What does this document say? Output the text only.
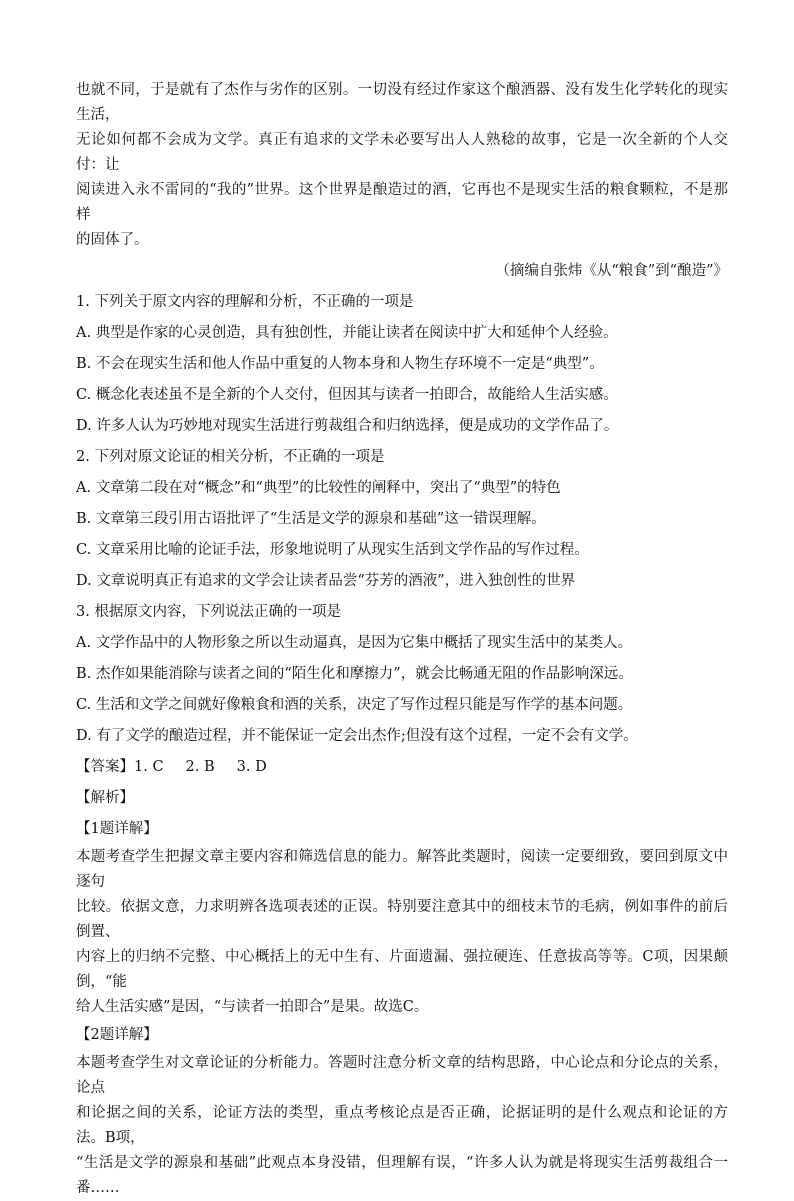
也就不同，于是就有了杰作与劣作的区别。一切没有经过作家这个酿酒器、没有发生化学转化的现实生活，

无论如何都不会成为文学。真正有追求的文学未必要写出人人熟稔的故事，它是一次全新的个人交付：让

阅读进入永不雷同的“我的”世界。这个世界是酿造过的酒，它再也不是现实生活的粮食颗粒，不是那样

的固体了。

（摘编自张炜《从“粮食”到“酿造”》

1. 下列关于原文内容的理解和分析，不正确的一项是

A. 典型是作家的心灵创造，具有独创性，并能让读者在阅读中扩大和延伸个人经验。

B. 不会在现实生活和他人作品中重复的人物本身和人物生存环境不一定是“典型”。

C. 概念化表述虽不是全新的个人交付，但因其与读者一拍即合，故能给人生活实感。

D. 许多人认为巧妙地对现实生活进行剪裁组合和归纳选择，便是成功的文学作品了。

2. 下列对原文论证的相关分析，不正确的一项是

A. 文章第二段在对“概念”和“典型”的比较性的阐释中，突出了“典型”的特色

B. 文章第三段引用古语批评了“生活是文学的源泉和基础”这一错误理解。

C. 文章采用比喻的论证手法，形象地说明了从现实生活到文学作品的写作过程。

D. 文章说明真正有追求的文学会让读者品尝“芬芳的酒液”，进入独创性的世界

3. 根据原文内容，下列说法正确的一项是

A. 文学作品中的人物形象之所以生动逼真，是因为它集中概括了现实生活中的某类人。

B. 杰作如果能消除与读者之间的“陌生化和摩擦力”，就会比畅通无阻的作品影响深远。

C. 生活和文学之间就好像粮食和酒的关系，决定了写作过程只能是写作学的基本问题。

D. 有了文学的酿造过程，并不能保证一定会出杰作;但没有这个过程，一定不会有文学。

【答案】1. C 2. B 3. D

【解析】

【1题详解】

本题考查学生把握文章主要内容和筛选信息的能力。解答此类题时，阅读一定要细致，要回到原文中逐句

比较。依据文意，力求明辨各选项表述的正误。特别要注意其中的细枝末节的毛病，例如事件的前后倒置、

内容上的归纳不完整、中心概括上的无中生有、片面遗漏、强拉硬连、任意拔高等等。C项，因果颠倒，“能

给人生活实感”是因，“与读者一拍即合”是果。故选C。

【2题详解】

本题考查学生对文章论证的分析能力。答题时注意分析文章的结构思路，中心论点和分论点的关系，论点

和论据之间的关系，论证方法的类型，重点考核论点是否正确，论据证明的是什么观点和论证的方法。B项，

“生活是文学的源泉和基础”此观点本身没错，但理解有误，“许多人认为就是将现实生活剪裁组合一番……
